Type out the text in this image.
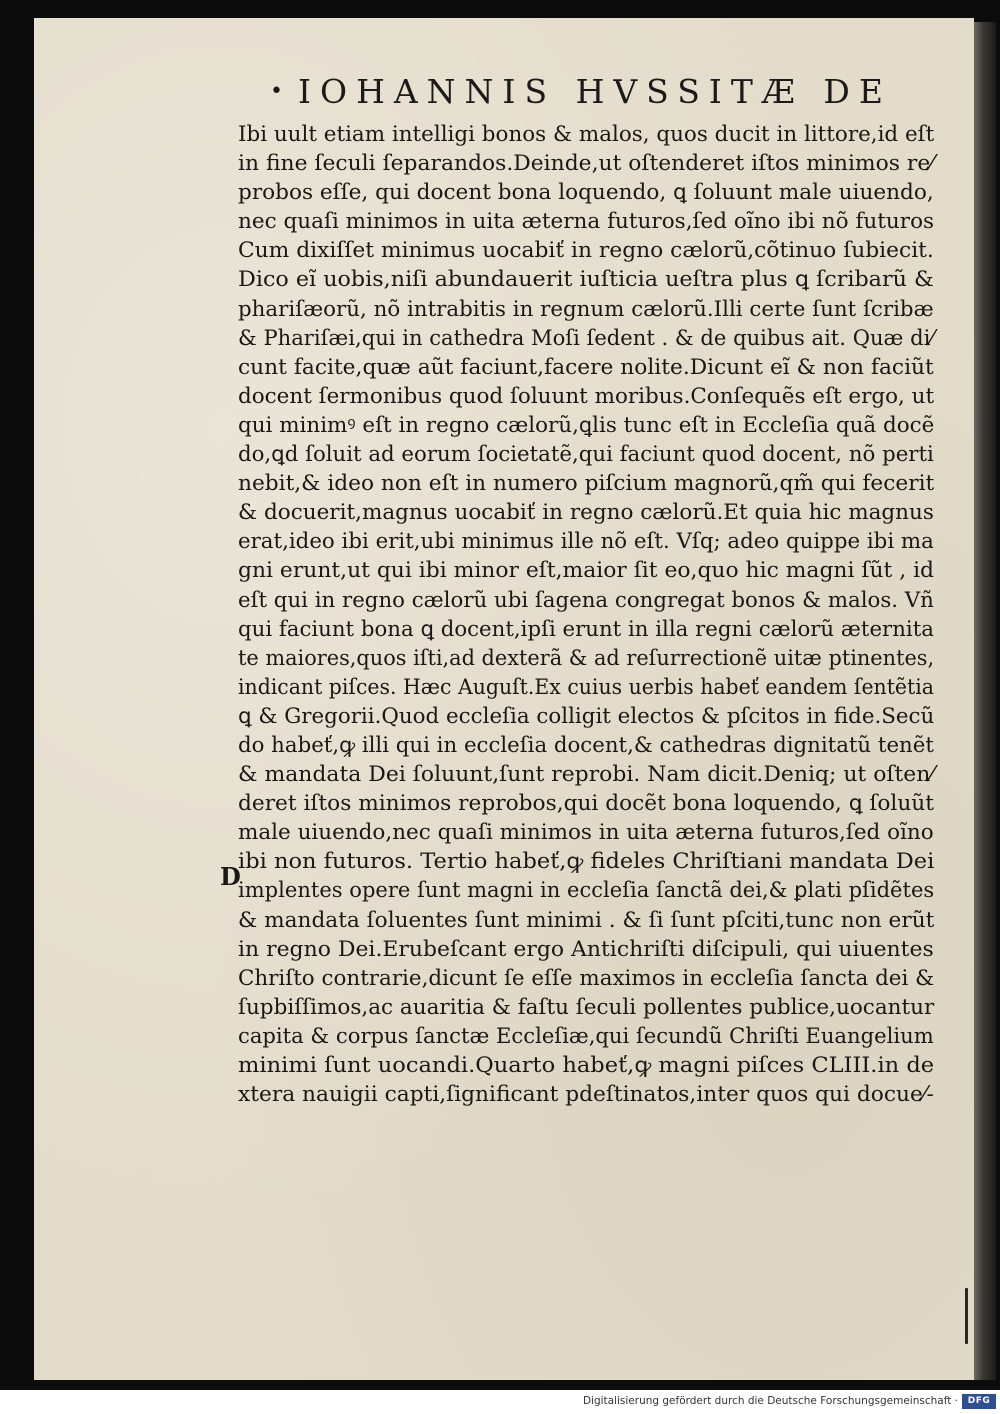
• IOHANNIS HVSSITÆ DE
Ibi uult etiam intelligi bonos & malos, quos ducit in littore,id eſt
in fine ſeculi ſeparandos.Deinde,ut oſtenderet iſtos minimos re⁄
probos eſſe, qui docent bona loquendo, ꝗ ſoluunt male uiuendo,
nec quaſi minimos in uita æterna futuros,ſed oı̃no ibi nõ futuros
Cum dixiſſet minimus uocabiť in regno cælorũ,cõtinuo ſubiecit.
Dico eĩ uobis,niſi abundauerit iuſticia ueſtra plus ꝗ ſcribarũ &
phariſæorũ, nõ intrabitis in regnum cælorũ.Illi certe ſunt ſcribæ
& Phariſæi,qui in cathedra Moſi ſedent . & de quibus ait. Quæ di⁄
cunt facite,quæ aũt faciunt,facere nolite.Dicunt eĩ & non faciũt
docent ſermonibus quod ſoluunt moribus.Conſequẽs eſt ergo, ut
qui minimꝰ eſt in regno cælorũ,ꝗlis tunc eſt in Eccleſia quã docẽ
do,ꝗd ſoluit ad eorum ſocietatẽ,qui faciunt quod docent, nõ perti
nebit,& ideo non eſt in numero piſcium magnorũ,qm̃ qui fecerit
& docuerit,magnus uocabiť in regno cælorũ.Et quia hic magnus
erat,ideo ibi erit,ubi minimus ille nõ eſt. Vſq; adeo quippe ibi ma
gni erunt,ut qui ibi minor eſt,maior ſit eo,quo hic magni ſũt , id
eſt qui in regno cælorũ ubi ſagena congregat bonos & malos. Vñ
qui faciunt bona ꝗ docent,ipſi erunt in illa regni cælorũ æternita
te maiores,quos iſti,ad dexterã & ad reſurrectionẽ uitæ ptinentes,
indicant piſces. Hæc Auguſt.Ex cuius uerbis habeť eandem ſentẽtia
ꝗ & Gregorii.Quod eccleſia colligit electos & pſcitos in fide.Secũ
do habeť,ꝙ illi qui in eccleſia docent,& cathedras dignitatũ tenẽt
& mandata Dei ſoluunt,ſunt reprobi. Nam dicit.Deniq; ut oſten⁄
deret iſtos minimos reprobos,qui docẽt bona loquendo, ꝗ ſoluũt
male uiuendo,nec quaſi minimos in uita æterna futuros,ſed oı̃no
ibi non futuros. Tertio habeť,ꝙ fideles Chriſtiani mandata Dei
implentes opere ſunt magni in eccleſia ſanctã dei,& ꝑlati pſidẽtes
& mandata ſoluentes ſunt minimi . & ſi ſunt pſciti,tunc non erũt
in regno Dei.Erubeſcant ergo Antichriſti diſcipuli, qui uiuentes
Chriſto contrarie,dicunt ſe eſſe maximos in eccleſia ſancta dei &
ſupbiſſimos,ac auaritia & faſtu ſeculi pollentes publice,uocantur
capita & corpus ſanctæ Eccleſiæ,qui ſecundũ Chriſti Euangelium
minimi ſunt uocandi.Quarto habeť,ꝙ magni piſces CLIII.in de
xtera nauigii capti,ſignificant pdeſtinatos,inter quos qui docue⁄-
D
Digitalisierung gefördert durch die Deutsche Forschungsgemeinschaft ·	DFG
